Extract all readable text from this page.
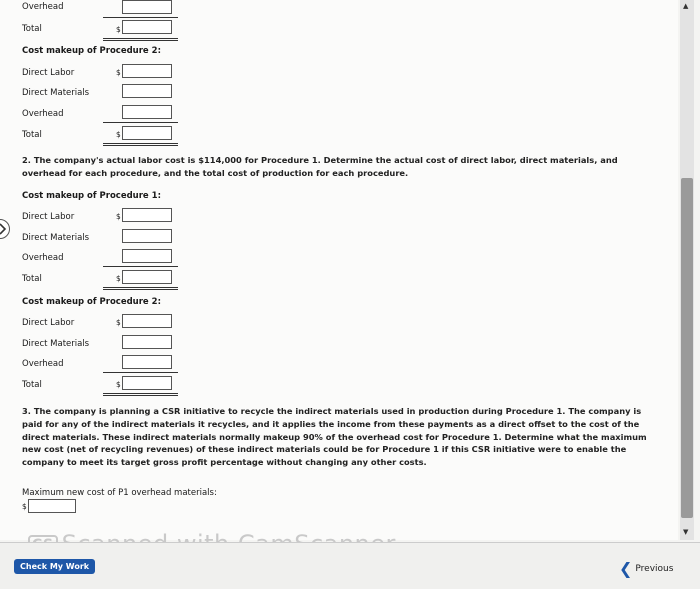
Overhead
Total	$
Cost makeup of Procedure 2:
Direct Labor	$
Direct Materials
Overhead
Total	$
2. The company's actual labor cost is $114,000 for Procedure 1. Determine the actual cost of direct labor, direct materials, and overhead for each procedure, and the total cost of production for each procedure.
Cost makeup of Procedure 1:
Direct Labor	$
Direct Materials
Overhead
Total	$
Cost makeup of Procedure 2:
Direct Labor	$
Direct Materials
Overhead
Total	$
3. The company is planning a CSR initiative to recycle the indirect materials used in production during Procedure 1. The company is paid for any of the indirect materials it recycles, and it applies the income from these payments as a direct offset to the cost of the direct materials. These indirect materials normally makeup 90% of the overhead cost for Procedure 1. Determine what the maximum new cost (net of recycling revenues) of these indirect materials could be for Procedure 1 if this CSR initiative were to enable the company to meet its target gross profit percentage without changing any other costs.
Maximum new cost of P1 overhead materials:
$
▲
▼
Check My Work	❮ Previous
